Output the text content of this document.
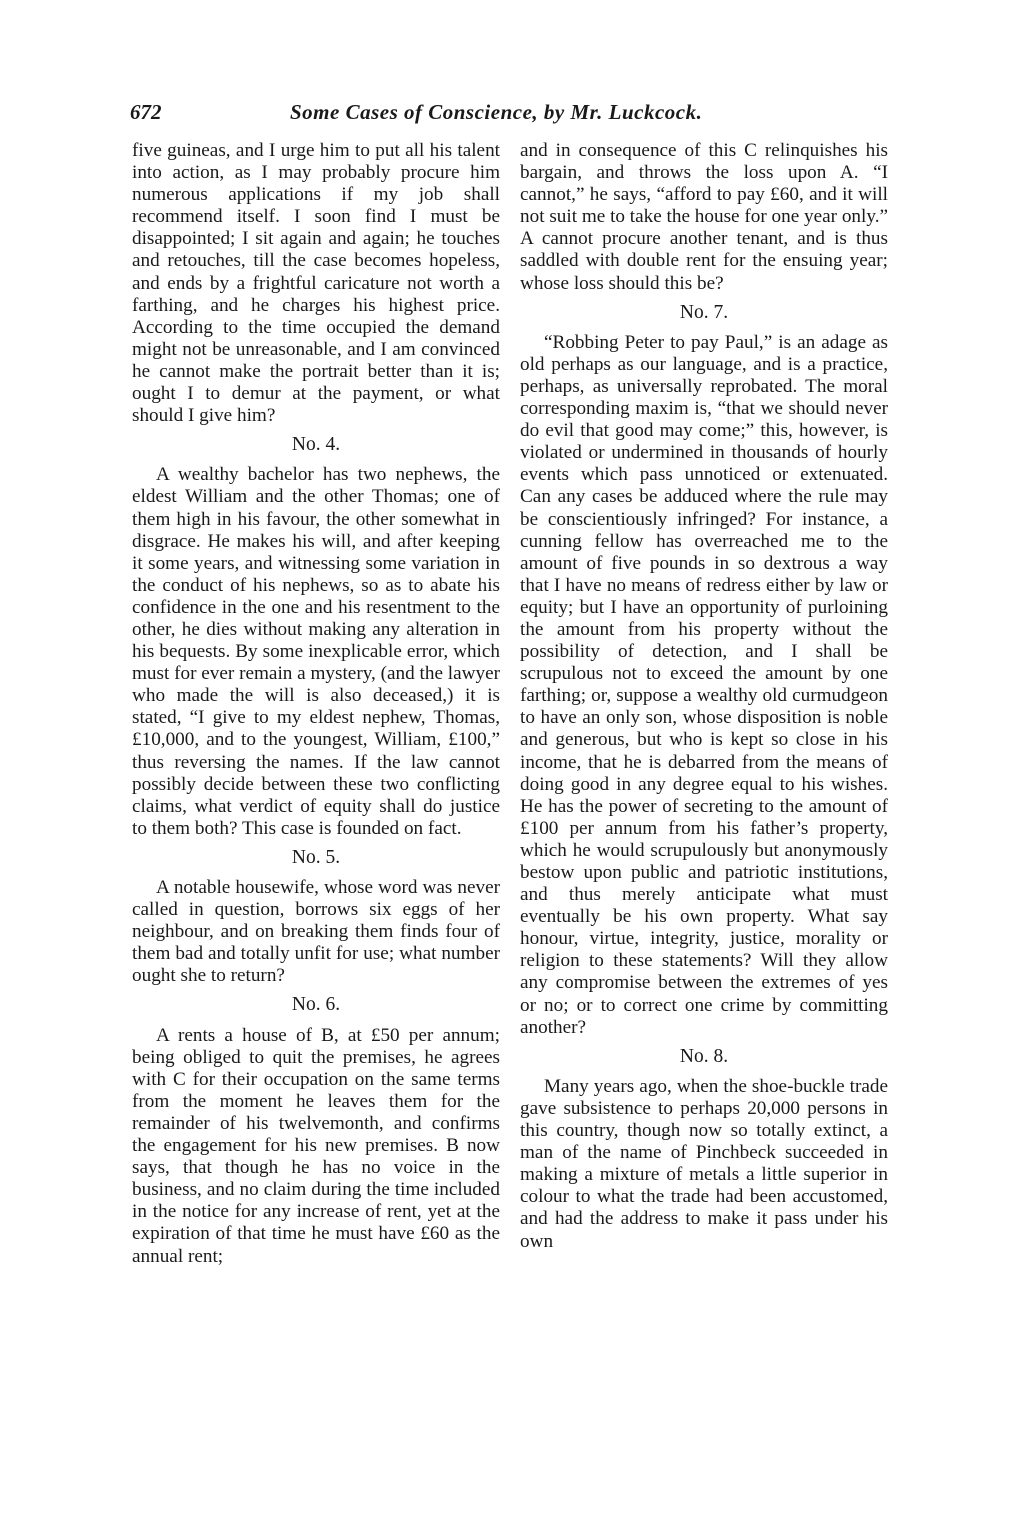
672	Some Cases of Conscience, by Mr. Luckcock.

five guineas, and I urge him to put all his talent into action, as I may probably procure him numerous applications if my job shall recommend itself. I soon find I must be disappointed; I sit again and again; he touches and retouches, till the case becomes hopeless, and ends by a frightful caricature not worth a farthing, and he charges his highest price. According to the time occupied the demand might not be unreasonable, and I am convinced he cannot make the portrait better than it is; ought I to demur at the payment, or what should I give him?

No. 4.

A wealthy bachelor has two nephews, the eldest William and the other Thomas; one of them high in his favour, the other somewhat in disgrace. He makes his will, and after keeping it some years, and witnessing some variation in the conduct of his nephews, so as to abate his confidence in the one and his resentment to the other, he dies without making any alteration in his bequests. By some inexplicable error, which must for ever remain a mystery, (and the lawyer who made the will is also deceased,) it is stated, “I give to my eldest nephew, Thomas, £10,000, and to the youngest, William, £100,” thus reversing the names. If the law cannot possibly decide between these two conflicting claims, what verdict of equity shall do justice to them both? This case is founded on fact.

No. 5.

A notable housewife, whose word was never called in question, borrows six eggs of her neighbour, and on breaking them finds four of them bad and totally unfit for use; what number ought she to return?

No. 6.

A rents a house of B, at £50 per annum; being obliged to quit the premises, he agrees with C for their occupation on the same terms from the moment he leaves them for the remainder of his twelvemonth, and confirms the engagement for his new premises. B now says, that though he has no voice in the business, and no claim during the time included in the notice for any increase of rent, yet at the expiration of that time he must have £60 as the annual rent;

and in consequence of this C relinquishes his bargain, and throws the loss upon A. “I cannot,” he says, “afford to pay £60, and it will not suit me to take the house for one year only.” A cannot procure another tenant, and is thus saddled with double rent for the ensuing year; whose loss should this be?

No. 7.

“Robbing Peter to pay Paul,” is an adage as old perhaps as our language, and is a practice, perhaps, as universally reprobated. The moral corresponding maxim is, “that we should never do evil that good may come;” this, however, is violated or undermined in thousands of hourly events which pass unnoticed or extenuated. Can any cases be adduced where the rule may be conscientiously infringed? For instance, a cunning fellow has overreached me to the amount of five pounds in so dextrous a way that I have no means of redress either by law or equity; but I have an opportunity of purloining the amount from his property without the possibility of detection, and I shall be scrupulous not to exceed the amount by one farthing; or, suppose a wealthy old curmudgeon to have an only son, whose disposition is noble and generous, but who is kept so close in his income, that he is debarred from the means of doing good in any degree equal to his wishes. He has the power of secreting to the amount of £100 per annum from his father’s property, which he would scrupulously but anonymously bestow upon public and patriotic institutions, and thus merely anticipate what must eventually be his own property. What say honour, virtue, integrity, justice, morality or religion to these statements? Will they allow any compromise between the extremes of yes or no; or to correct one crime by committing another?

No. 8.

Many years ago, when the shoe-buckle trade gave subsistence to perhaps 20,000 persons in this country, though now so totally extinct, a man of the name of Pinchbeck succeeded in making a mixture of metals a little superior in colour to what the trade had been accustomed, and had the address to make it pass under his own
